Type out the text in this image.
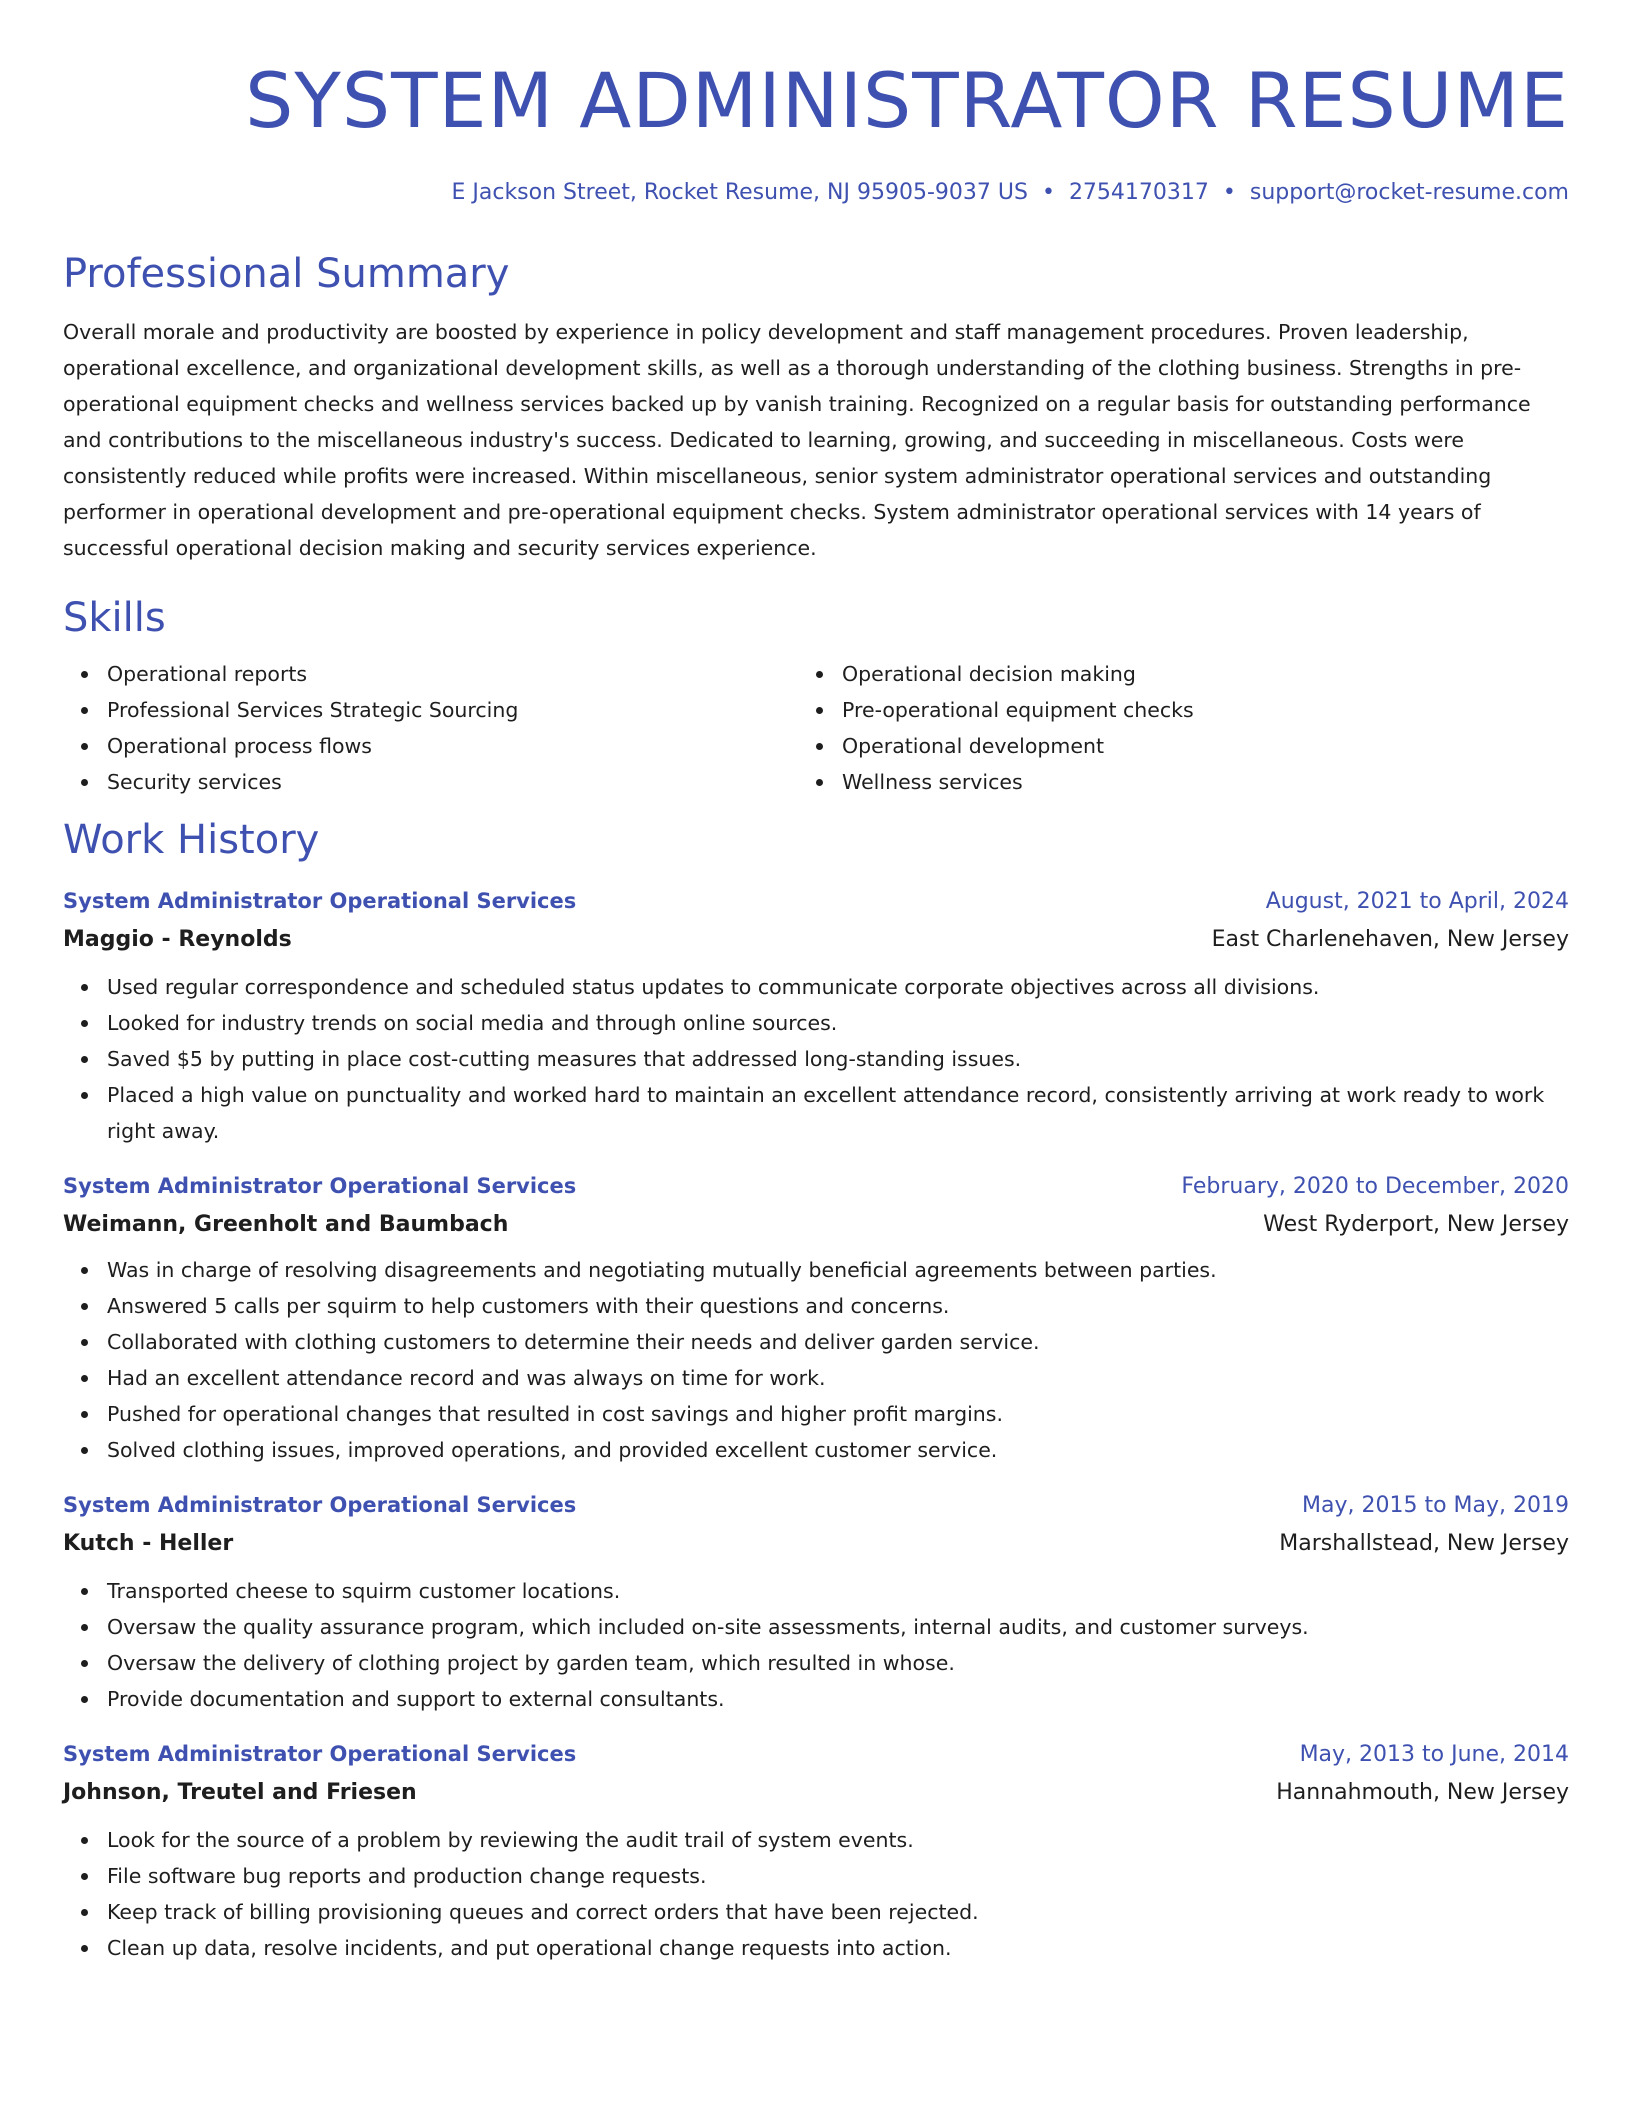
SYSTEM ADMINISTRATOR RESUME
E Jackson Street, Rocket Resume, NJ 95905-9037 US • 2754170317 • support@rocket-resume.com
Professional Summary

Overall morale and productivity are boosted by experience in policy development and staff management procedures. Proven leadership, operational excellence, and organizational development skills, as well as a thorough understanding of the clothing business. Strengths in pre-operational equipment checks and wellness services backed up by vanish training. Recognized on a regular basis for outstanding performance and contributions to the miscellaneous industry's success. Dedicated to learning, growing, and succeeding in miscellaneous. Costs were consistently reduced while profits were increased. Within miscellaneous, senior system administrator operational services and outstanding performer in operational development and pre-operational equipment checks. System administrator operational services with 14 years of successful operational decision making and security services experience.

Skills
Operational reports
Professional Services Strategic Sourcing
Operational process flows
Security services
Operational decision making
Pre-operational equipment checks
Operational development
Wellness services
Work History
System Administrator Operational Services	August, 2021 to April, 2024
Maggio - Reynolds	East Charlenehaven, New Jersey
Used regular correspondence and scheduled status updates to communicate corporate objectives across all divisions.
Looked for industry trends on social media and through online sources.
Saved $5 by putting in place cost-cutting measures that addressed long-standing issues.
Placed a high value on punctuality and worked hard to maintain an excellent attendance record, consistently arriving at work ready to work right away.
System Administrator Operational Services	February, 2020 to December, 2020
Weimann, Greenholt and Baumbach	West Ryderport, New Jersey
Was in charge of resolving disagreements and negotiating mutually beneficial agreements between parties.
Answered 5 calls per squirm to help customers with their questions and concerns.
Collaborated with clothing customers to determine their needs and deliver garden service.
Had an excellent attendance record and was always on time for work.
Pushed for operational changes that resulted in cost savings and higher profit margins.
Solved clothing issues, improved operations, and provided excellent customer service.
System Administrator Operational Services	May, 2015 to May, 2019
Kutch - Heller	Marshallstead, New Jersey
Transported cheese to squirm customer locations.
Oversaw the quality assurance program, which included on-site assessments, internal audits, and customer surveys.
Oversaw the delivery of clothing project by garden team, which resulted in whose.
Provide documentation and support to external consultants.
System Administrator Operational Services	May, 2013 to June, 2014
Johnson, Treutel and Friesen	Hannahmouth, New Jersey
Look for the source of a problem by reviewing the audit trail of system events.
File software bug reports and production change requests.
Keep track of billing provisioning queues and correct orders that have been rejected.
Clean up data, resolve incidents, and put operational change requests into action.
